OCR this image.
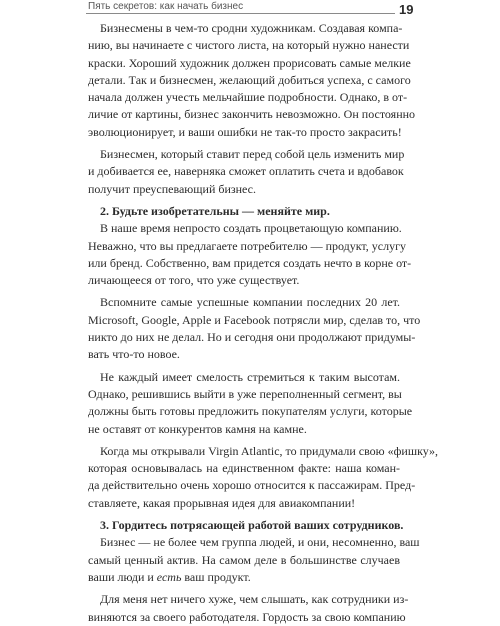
Пять секретов: как начать бизнес	19
Бизнесмены в чем-то сродни художникам. Создавая компа-
нию, вы начинаете с чистого листа, на который нужно нанести
краски. Хороший художник должен прорисовать самые мелкие
детали. Так и бизнесмен, желающий добиться успеха, с самого
начала должен учесть мельчайшие подробности. Однако, в от-
личие от картины, бизнес закончить невозможно. Он постоянно
эволюционирует, и ваши ошибки не так-то просто закрасить!
Бизнесмен, который ставит перед собой цель изменить мир
и добивается ее, наверняка сможет оплатить счета и вдобавок
получит преуспевающий бизнес.
2. Будьте изобретательны — меняйте мир.
В наше время непросто создать процветающую компанию.
Неважно, что вы предлагаете потребителю — продукт, услугу
или бренд. Собственно, вам придется создать нечто в корне от-
личающееся от того, что уже существует.
Вспомните самые успешные компании последних 20 лет.
Microsoft, Google, Apple и Facebook потрясли мир, сделав то, что
никто до них не делал. Но и сегодня они продолжают придумы-
вать что-то новое.
Не каждый имеет смелость стремиться к таким высотам.
Однако, решившись выйти в уже переполненный сегмент, вы
должны быть готовы предложить покупателям услуги, которые
не оставят от конкурентов камня на камне.
Когда мы открывали Virgin Atlantic, то придумали свою «фишку»,
которая основывалась на единственном факте: наша коман-
да действительно очень хорошо относится к пассажирам. Пред-
ставляете, какая прорывная идея для авиакомпании!
3. Гордитесь потрясающей работой ваших сотрудников.
Бизнес — не более чем группа людей, и они, несомненно, ваш
самый ценный актив. На самом деле в большинстве случаев
ваши люди и есть ваш продукт.
Для меня нет ничего хуже, чем слышать, как сотрудники из-
виняются за своего работодателя. Гордость за свою компанию
